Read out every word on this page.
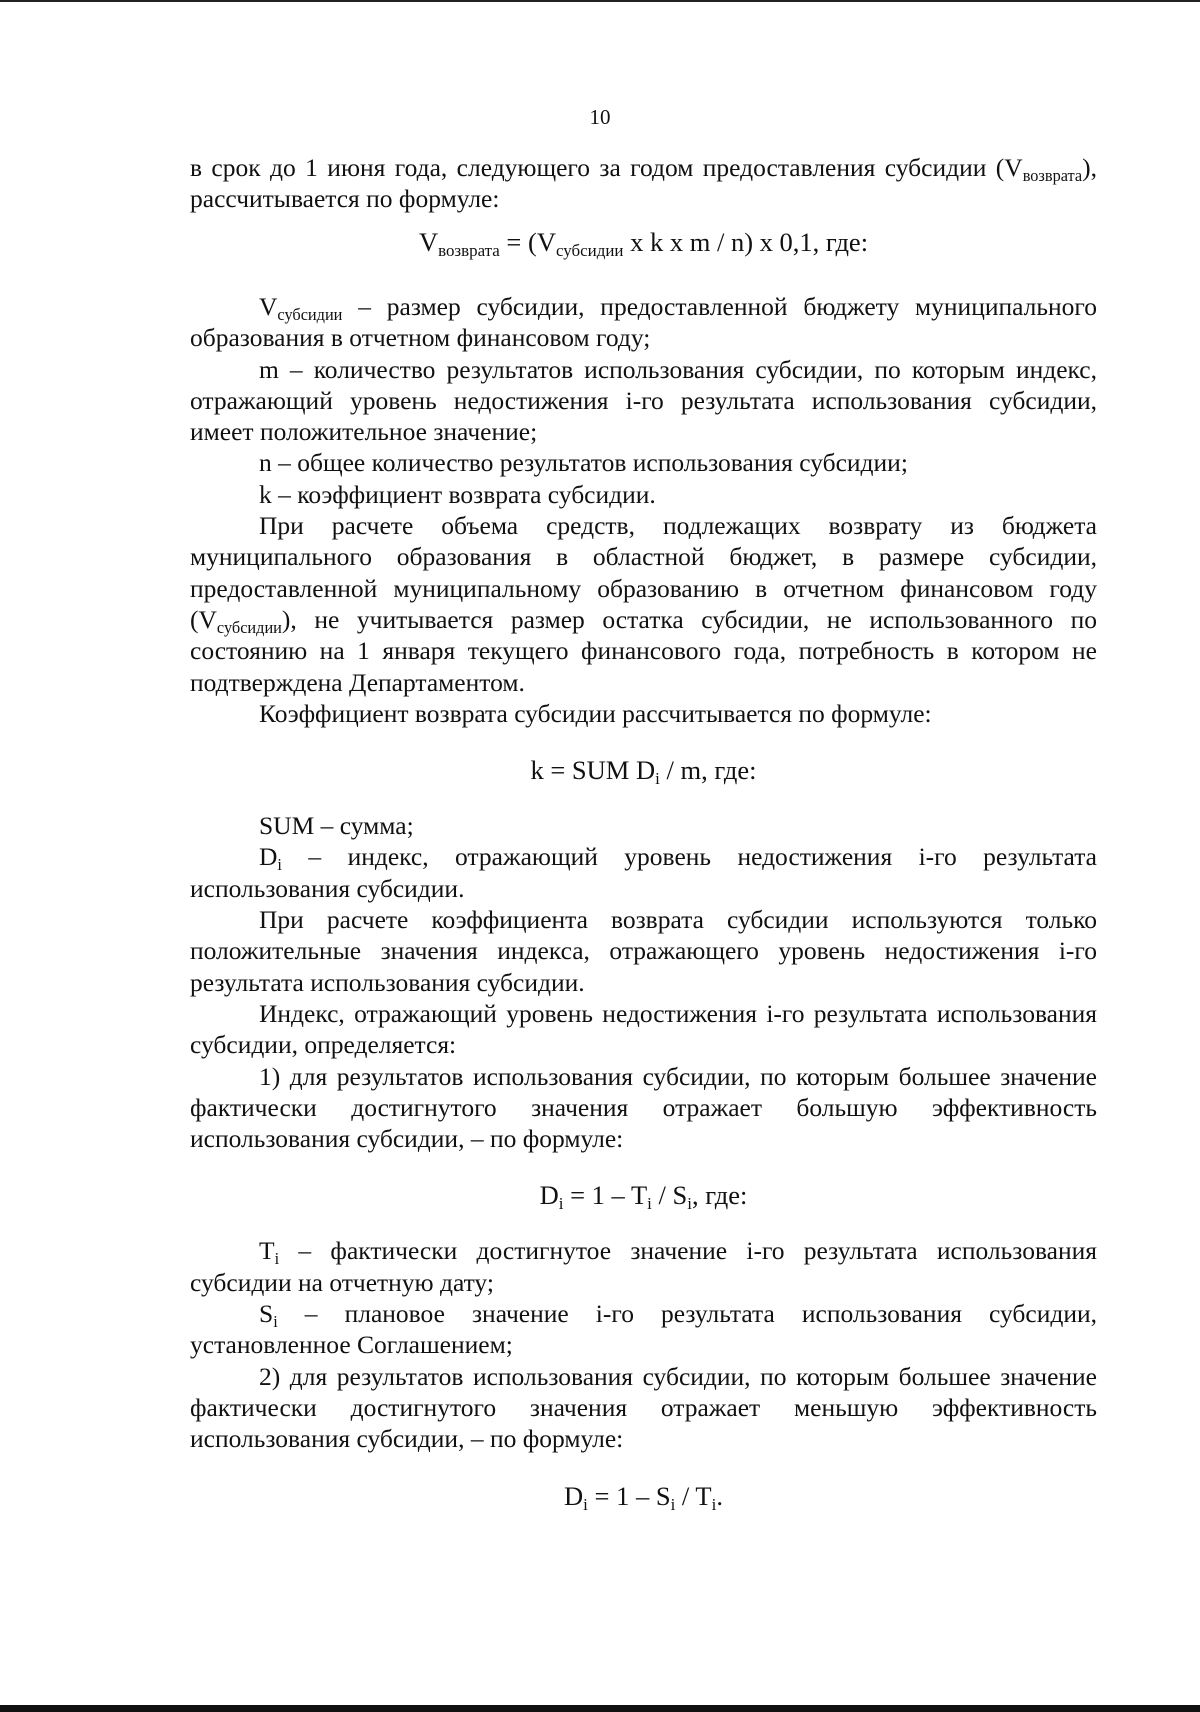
10

в срок до 1 июня года, следующего за годом предоставления субсидии $(V_{возврата})$, рассчитывается по формуле:

$V_{возврата} = (V_{субсидии}$ x k x m / n) x 0,1, где:

$V_{субсидии}$ – размер субсидии, предоставленной бюджету муниципального образования в отчетном финансовом году;

m – количество результатов использования субсидии, по которым индекс, отражающий уровень недостижения i-го результата использования субсидии, имеет положительное значение;

n – общее количество результатов использования субсидии;

k – коэффициент возврата субсидии.

При расчете объема средств, подлежащих возврату из бюджета муниципального образования в областной бюджет, в размере субсидии, предоставленной муниципальному образованию в отчетном финансовом году $(V_{субсидии})$, не учитывается размер остатка субсидии, не использованного по состоянию на 1 января текущего финансового года, потребность в котором не подтверждена Департаментом.

Коэффициент возврата субсидии рассчитывается по формуле:

k = SUM $D_i$ / m, где:

SUM – сумма;

$D_i$ – индекс, отражающий уровень недостижения i-го результата использования субсидии.

При расчете коэффициента возврата субсидии используются только положительные значения индекса, отражающего уровень недостижения i-го результата использования субсидии.

Индекс, отражающий уровень недостижения i-го результата использования субсидии, определяется:

1) для результатов использования субсидии, по которым большее значение фактически достигнутого значения отражает большую эффективность использования субсидии, – по формуле:

$D_i = 1 - T_i / S_i$, где:

$T_i$ – фактически достигнутое значение i-го результата использования субсидии на отчетную дату;

$S_i$ – плановое значение i-го результата использования субсидии, установленное Соглашением;

2) для результатов использования субсидии, по которым большее значение фактически достигнутого значения отражает меньшую эффективность использования субсидии, – по формуле:

$D_i = 1 - S_i / T_i$.
